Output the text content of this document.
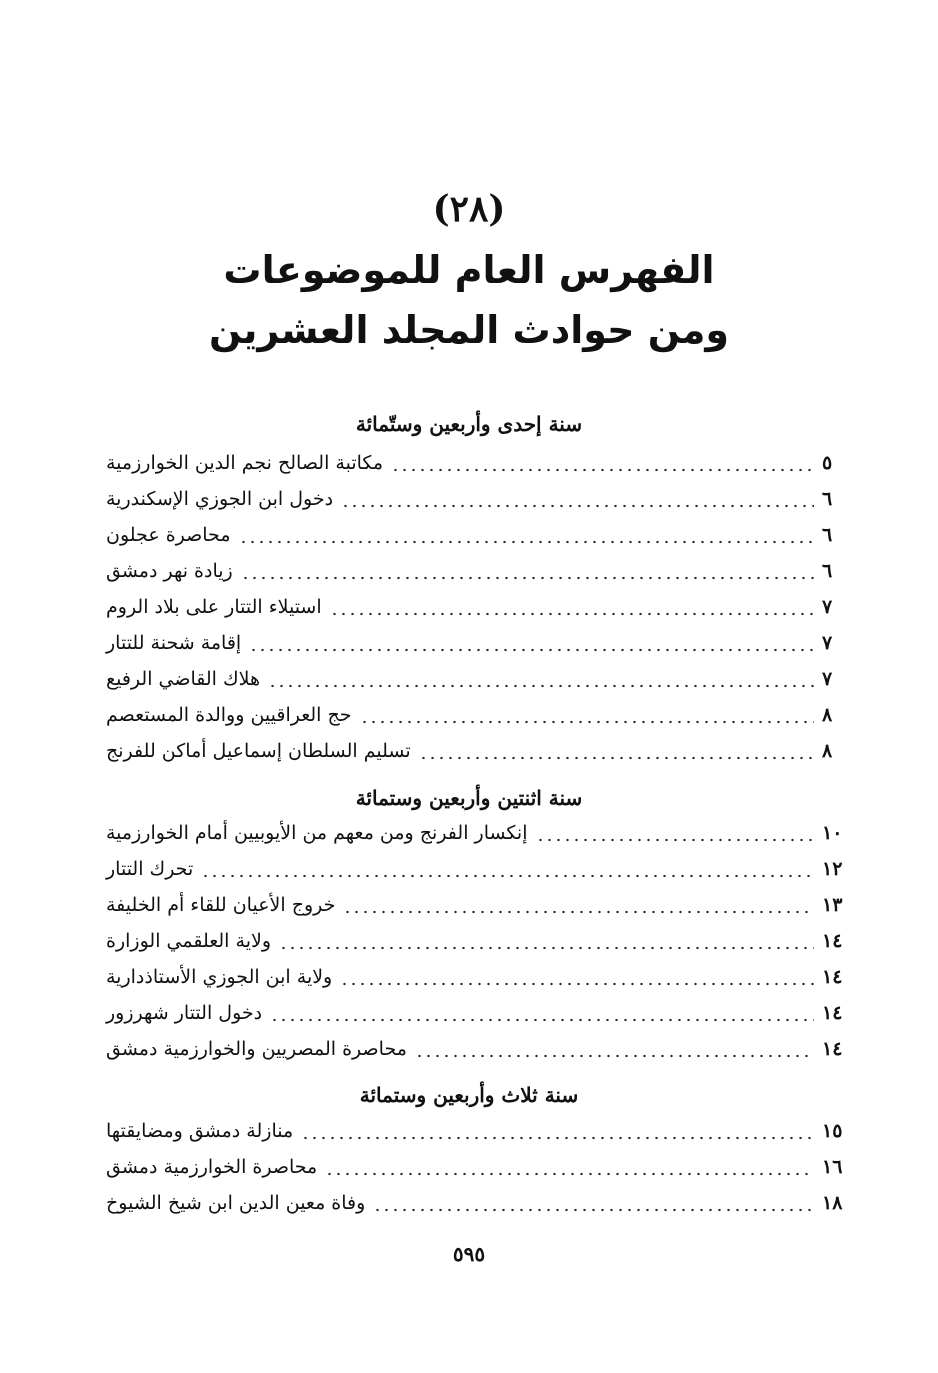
(٢٨)
الفهرس العام للموضوعات
ومن حوادث المجلد العشرين
سنة إحدى وأربعين وستّمائة
مكاتبة الصالح نجم الدين الخوارزمية	٥
دخول ابن الجوزي الإسكندرية	٦
محاصرة عجلون	٦
زيادة نهر دمشق	٦
استيلاء التتار على بلاد الروم	٧
إقامة شحنة للتتار	٧
هلاك القاضي الرفيع	٧
حج العراقيين ووالدة المستعصم	٨
تسليم السلطان إسماعيل أماكن للفرنج	٨
سنة اثنتين وأربعين وستمائة
إنكسار الفرنج ومن معهم من الأيوبيين أمام الخوارزمية	١٠
تحرك التتار	١٢
خروج الأعيان للقاء أم الخليفة	١٣
ولاية العلقمي الوزارة	١٤
ولاية ابن الجوزي الأستاذدارية	١٤
دخول التتار شهرزور	١٤
محاصرة المصريين والخوارزمية دمشق	١٤
سنة ثلاث وأربعين وستمائة
منازلة دمشق ومضايقتها	١٥
محاصرة الخوارزمية دمشق	١٦
وفاة معين الدين ابن شيخ الشيوخ	١٨
٥٩٥
